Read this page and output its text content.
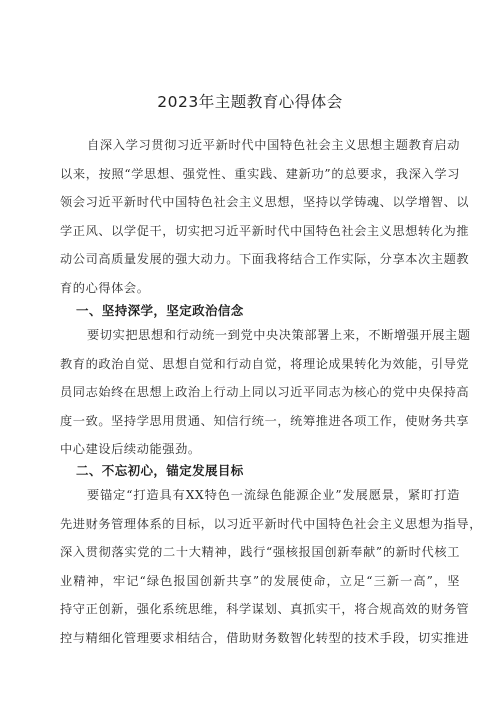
2023年主题教育心得体会
自深入学习贯彻习近平新时代中国特色社会主义思想主题教育启动
以来，按照“学思想、强党性、重实践、建新功”的总要求，我深入学习
领会习近平新时代中国特色社会主义思想，坚持以学铸魂、以学增智、以
学正风、以学促干，切实把习近平新时代中国特色社会主义思想转化为推
动公司高质量发展的强大动力。下面我将结合工作实际，分享本次主题教
育的心得体会。
一、坚持深学，坚定政治信念
要切实把思想和行动统一到党中央决策部署上来，不断增强开展主题
教育的政治自觉、思想自觉和行动自觉，将理论成果转化为效能，引导党
员同志始终在思想上政治上行动上同以习近平同志为核心的党中央保持高
度一致。坚持学思用贯通、知信行统一，统筹推进各项工作，使财务共享
中心建设后续动能强劲。
二、不忘初心，锚定发展目标
要锚定“打造具有XX特色一流绿色能源企业”发展愿景，紧盯打造
先进财务管理体系的目标，以习近平新时代中国特色社会主义思想为指导，
深入贯彻落实党的二十大精神，践行“强核报国创新奉献”的新时代核工
业精神，牢记“绿色报国创新共享”的发展使命，立足“三新一高”，坚
持守正创新，强化系统思维，科学谋划、真抓实干，将合规高效的财务管
控与精细化管理要求相结合，借助财务数智化转型的技术手段，切实推进
